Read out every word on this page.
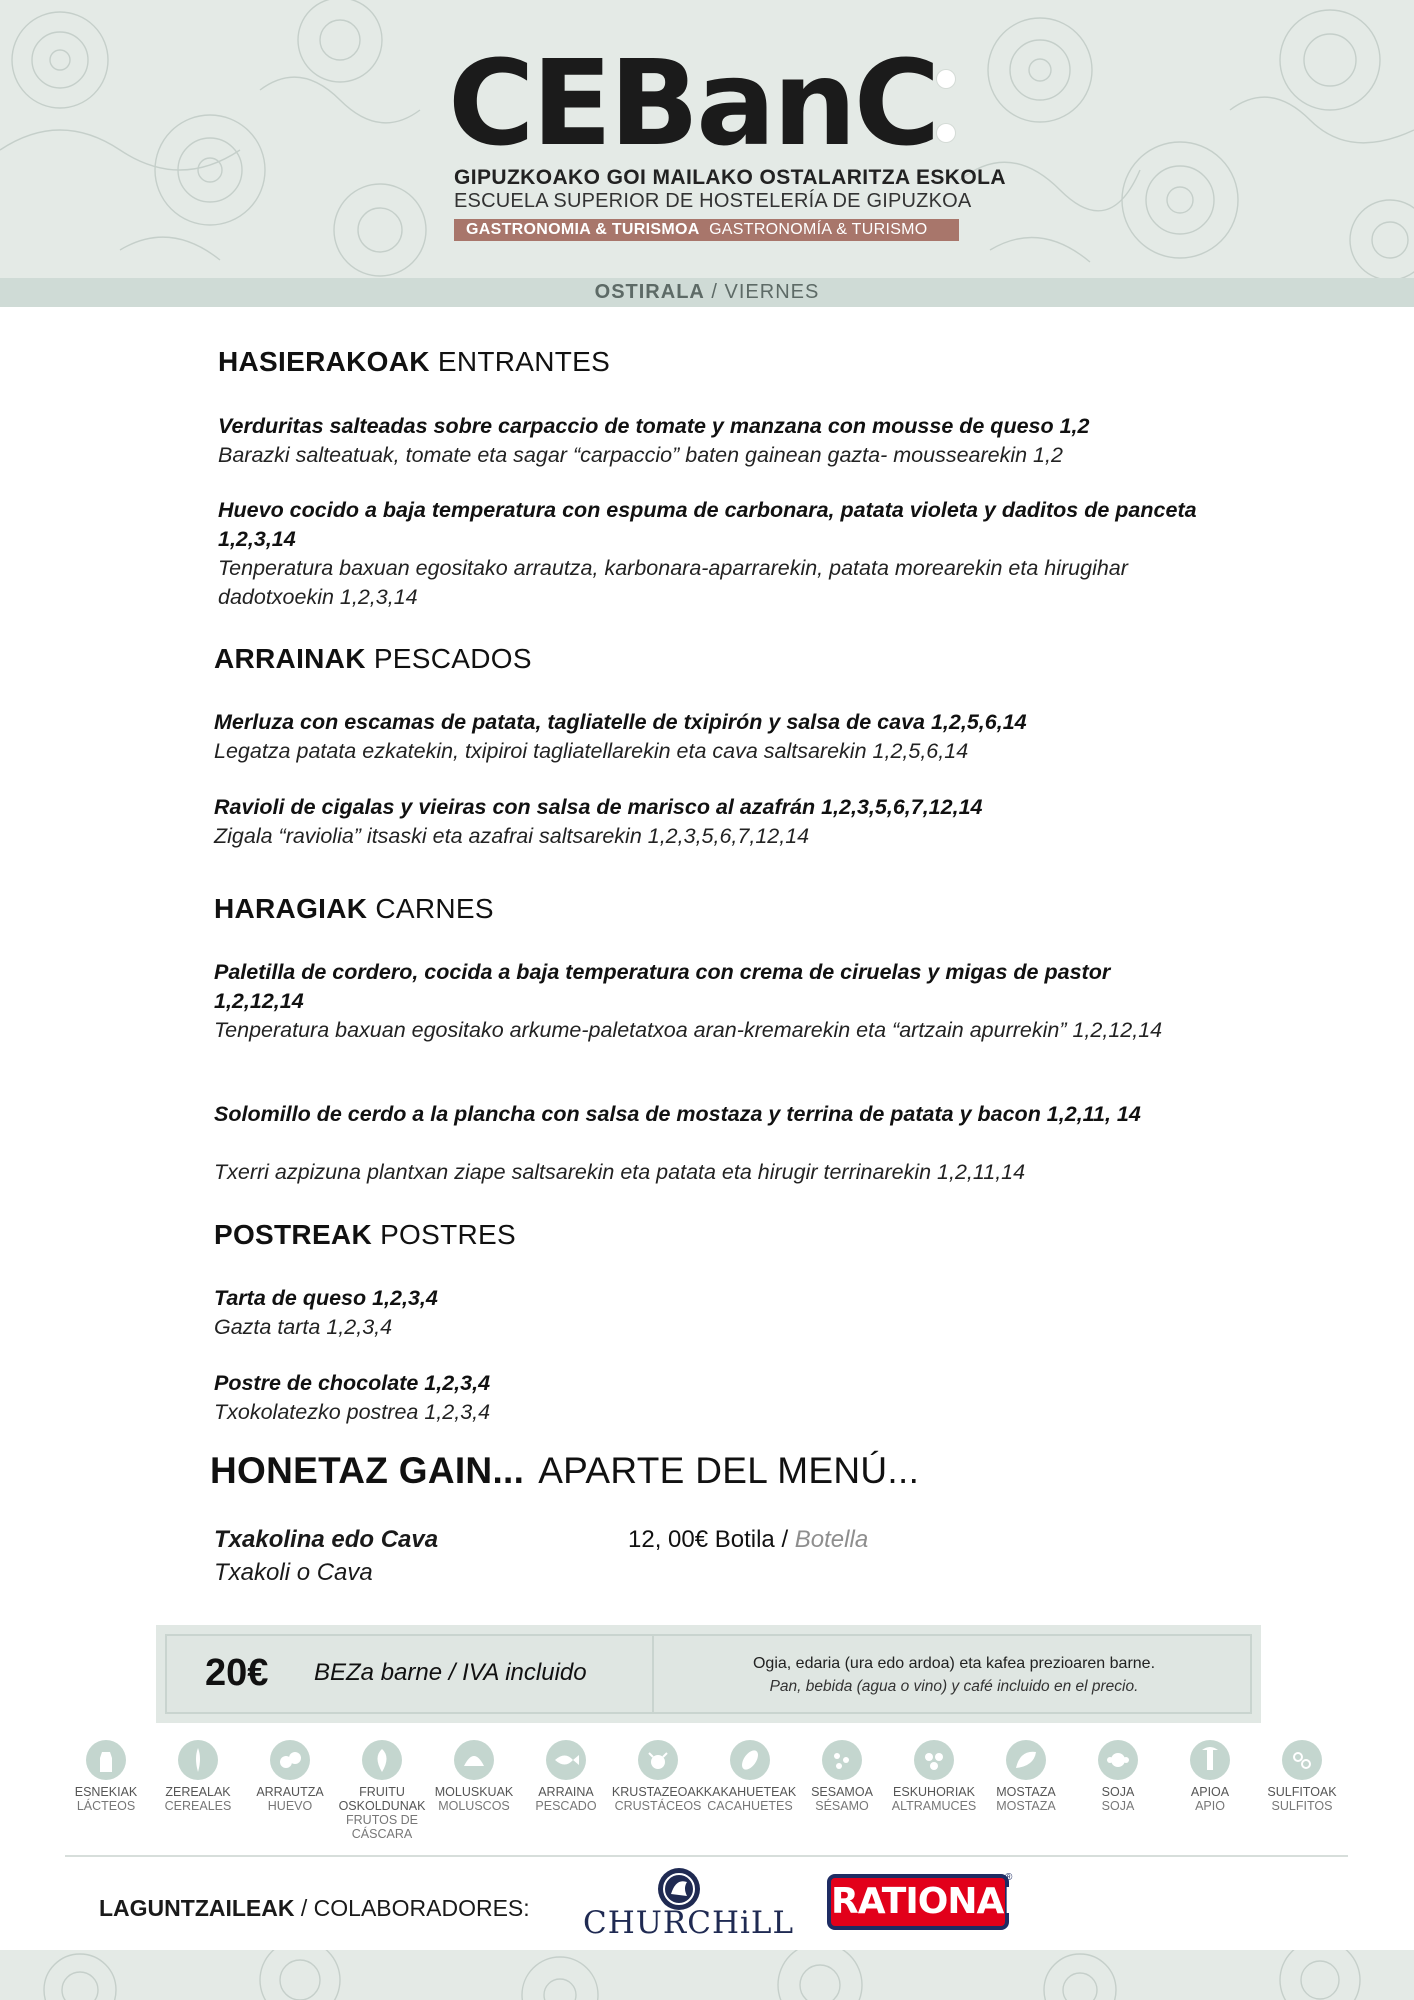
CEBanC
GIPUZKOAKO GOI MAILAKO OSTALARITZA ESKOLA
ESCUELA SUPERIOR DE HOSTELERÍA DE GIPUZKOA
GASTRONOMIA & TURISMOA GASTRONOMÍA & TURISMO
OSTIRALA / VIERNES
HASIERAKOAK ENTRANTES
Verduritas salteadas sobre carpaccio de tomate y manzana con mousse de queso 1,2
Barazki salteatuak, tomate eta sagar “carpaccio” baten gainean gazta- moussearekin 1,2
Huevo cocido a baja temperatura con espuma de carbonara, patata violeta y daditos de panceta 1,2,3,14
Tenperatura baxuan egositako arrautza, karbonara-aparrarekin, patata morearekin eta hirugihar dadotxoekin 1,2,3,14
ARRAINAK PESCADOS
Merluza con escamas de patata, tagliatelle de txipirón y salsa de cava 1,2,5,6,14
Legatza patata ezkatekin, txipiroi tagliatellarekin eta cava saltsarekin 1,2,5,6,14
Ravioli de cigalas y vieiras con salsa de marisco al azafrán 1,2,3,5,6,7,12,14
Zigala “raviolia” itsaski eta azafrai saltsarekin 1,2,3,5,6,7,12,14
HARAGIAK CARNES
Paletilla de cordero, cocida a baja temperatura con crema de ciruelas y migas de pastor 1,2,12,14
Tenperatura baxuan egositako arkume-paletatxoa aran-kremarekin eta “artzain apurrekin” 1,2,12,14
Solomillo de cerdo a la plancha con salsa de mostaza y terrina de patata y bacon 1,2,11, 14
Txerri azpizuna plantxan ziape saltsarekin eta patata eta hirugir terrinarekin 1,2,11,14
POSTREAK POSTRES
Tarta de queso 1,2,3,4
Gazta tarta 1,2,3,4
Postre de chocolate 1,2,3,4
Txokolatezko postrea 1,2,3,4
HONETAZ GAIN... APARTE DEL MENÚ...
Txakolina edo Cava
Txakoli o Cava
12, 00€ Botila / Botella
20€ BEZa barne / IVA incluido	Ogia, edaria (ura edo ardoa) eta kafea prezioaren barne.
Pan, bebida (agua o vino) y café incluido en el precio.
ESNEKIAK
LÁCTEOS
ZEREALAK
CEREALES
ARRAUTZA
HUEVO
FRUITU
OSKOLDUNAK
FRUTOS DE
CÁSCARA
MOLUSKUAK
MOLUSCOS
ARRAINA
PESCADO
KRUSTAZEOAK
CRUSTÁCEOS
KAKAHUETEAK
CACAHUETES
SESAMOA
SÉSAMO
ESKUHORIAK
ALTRAMUCES
MOSTAZA
MOSTAZA
SOJA
SOJA
APIOA
APIO
SULFITOAK
SULFITOS
LAGUNTZAILEAK / COLABORADORES: CHURCHiLL
RATIONAL
®
